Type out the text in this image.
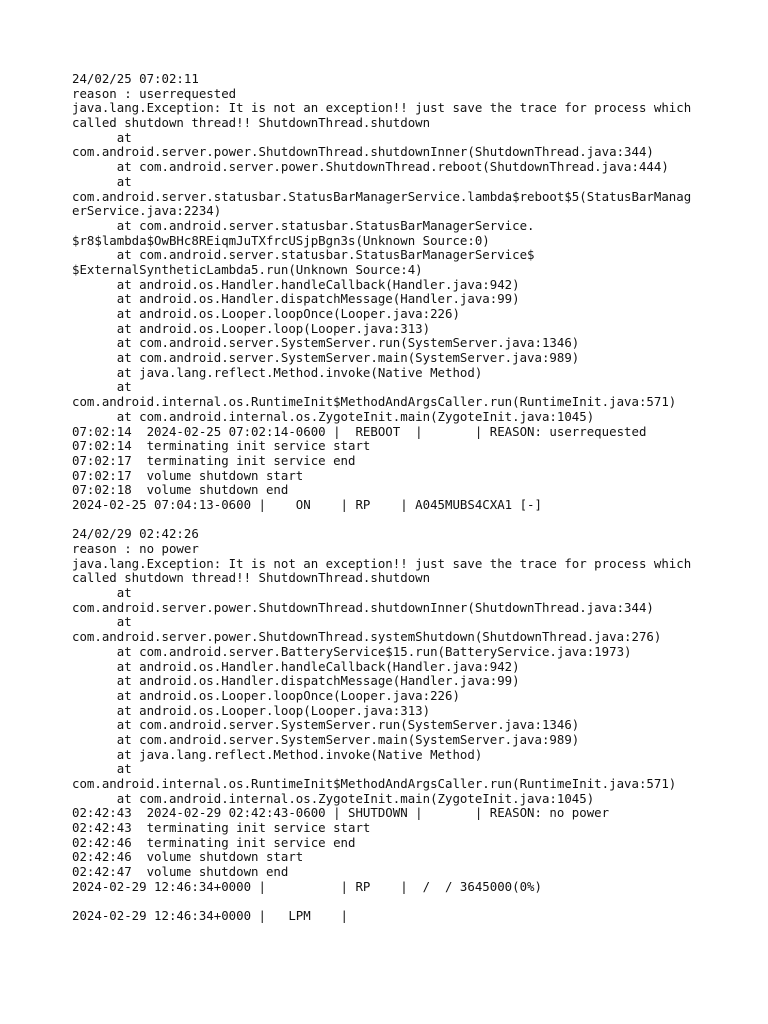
24/02/25 07:02:11
reason : userrequested
java.lang.Exception: It is not an exception!! just save the trace for process which
called shutdown thread!! ShutdownThread.shutdown
at
com.android.server.power.ShutdownThread.shutdownInner(ShutdownThread.java:344)
at com.android.server.power.ShutdownThread.reboot(ShutdownThread.java:444)
at
com.android.server.statusbar.StatusBarManagerService.lambda$reboot$5(StatusBarManag
erService.java:2234)
at com.android.server.statusbar.StatusBarManagerService.
$r8$lambda$OwBHc8REiqmJuTXfrcUSjpBgn3s(Unknown Source:0)
at com.android.server.statusbar.StatusBarManagerService$
$ExternalSyntheticLambda5.run(Unknown Source:4)
at android.os.Handler.handleCallback(Handler.java:942)
at android.os.Handler.dispatchMessage(Handler.java:99)
at android.os.Looper.loopOnce(Looper.java:226)
at android.os.Looper.loop(Looper.java:313)
at com.android.server.SystemServer.run(SystemServer.java:1346)
at com.android.server.SystemServer.main(SystemServer.java:989)
at java.lang.reflect.Method.invoke(Native Method)
at
com.android.internal.os.RuntimeInit$MethodAndArgsCaller.run(RuntimeInit.java:571)
at com.android.internal.os.ZygoteInit.main(ZygoteInit.java:1045)
07:02:14  2024-02-25 07:02:14-0600 |  REBOOT  |       | REASON: userrequested
07:02:14  terminating init service start
07:02:17  terminating init service end
07:02:17  volume shutdown start
07:02:18  volume shutdown end
2024-02-25 07:04:13-0600 |    ON    | RP    | A045MUBS4CXA1 [-]
24/02/29 02:42:26
reason : no power
java.lang.Exception: It is not an exception!! just save the trace for process which
called shutdown thread!! ShutdownThread.shutdown
at
com.android.server.power.ShutdownThread.shutdownInner(ShutdownThread.java:344)
at
com.android.server.power.ShutdownThread.systemShutdown(ShutdownThread.java:276)
at com.android.server.BatteryService$15.run(BatteryService.java:1973)
at android.os.Handler.handleCallback(Handler.java:942)
at android.os.Handler.dispatchMessage(Handler.java:99)
at android.os.Looper.loopOnce(Looper.java:226)
at android.os.Looper.loop(Looper.java:313)
at com.android.server.SystemServer.run(SystemServer.java:1346)
at com.android.server.SystemServer.main(SystemServer.java:989)
at java.lang.reflect.Method.invoke(Native Method)
at
com.android.internal.os.RuntimeInit$MethodAndArgsCaller.run(RuntimeInit.java:571)
at com.android.internal.os.ZygoteInit.main(ZygoteInit.java:1045)
02:42:43  2024-02-29 02:42:43-0600 | SHUTDOWN |       | REASON: no power
02:42:43  terminating init service start
02:42:46  terminating init service end
02:42:46  volume shutdown start
02:42:47  volume shutdown end
2024-02-29 12:46:34+0000 |          | RP    |  /  / 3645000(0%)
2024-02-29 12:46:34+0000 |   LPM    |
